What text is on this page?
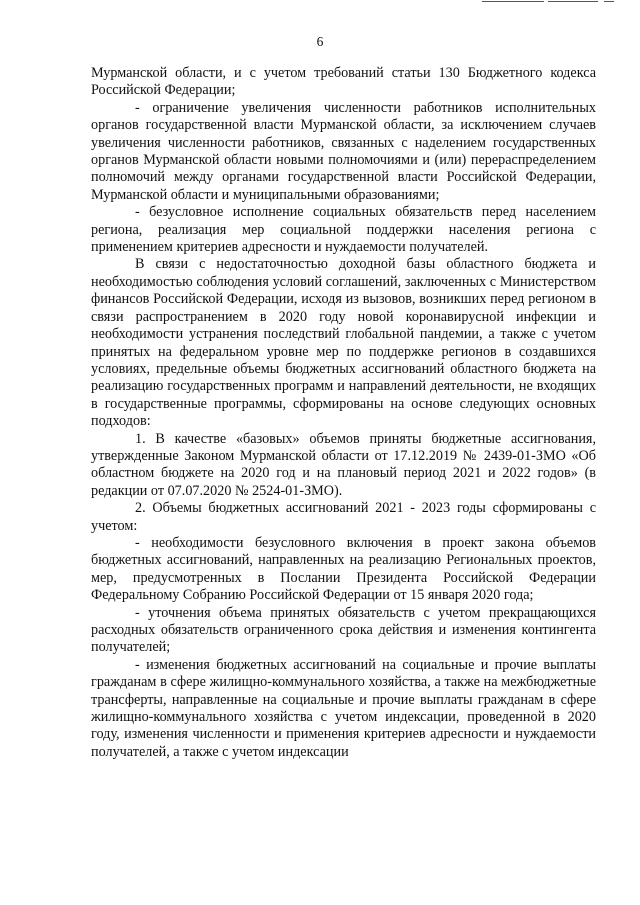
6

Мурманской области, и с учетом требований статьи 130 Бюджетного кодекса Российской Федерации;

- ограничение увеличения численности работников исполнительных органов государственной власти Мурманской области, за исключением случаев увеличения численности работников, связанных с наделением государственных органов Мурманской области новыми полномочиями и (или) перераспределением полномочий между органами государственной власти Российской Федерации, Мурманской области и муниципальными образованиями;

- безусловное исполнение социальных обязательств перед населением региона, реализация мер социальной поддержки населения региона с применением критериев адресности и нуждаемости получателей.

В связи с недостаточностью доходной базы областного бюджета и необходимостью соблюдения условий соглашений, заключенных с Министерством финансов Российской Федерации, исходя из вызовов, возникших перед регионом в связи распространением в 2020 году новой коронавирусной инфекции и необходимости устранения последствий глобальной пандемии, а также с учетом принятых на федеральном уровне мер по поддержке регионов в создавшихся условиях, предельные объемы бюджетных ассигнований областного бюджета на реализацию государственных программ и направлений деятельности, не входящих в государственные программы, сформированы на основе следующих основных подходов:

1. В качестве «базовых» объемов приняты бюджетные ассигнования, утвержденные Законом Мурманской области от 17.12.2019 № 2439-01-ЗМО «Об областном бюджете на 2020 год и на плановый период 2021 и 2022 годов» (в редакции от 07.07.2020 № 2524-01-ЗМО).

2. Объемы бюджетных ассигнований 2021 - 2023 годы сформированы с учетом:

- необходимости безусловного включения в проект закона объемов бюджетных ассигнований, направленных на реализацию Региональных проектов, мер, предусмотренных в Послании Президента Российской Федерации Федеральному Собранию Российской Федерации от 15 января 2020 года;

- уточнения объема принятых обязательств с учетом прекращающихся расходных обязательств ограниченного срока действия и изменения контингента получателей;

- изменения бюджетных ассигнований на социальные и прочие выплаты гражданам в сфере жилищно-коммунального хозяйства, а также на межбюджетные трансферты, направленные на социальные и прочие выплаты гражданам в сфере жилищно-коммунального хозяйства с учетом индексации, проведенной в 2020 году, изменения численности и применения критериев адресности и нуждаемости получателей, а также с учетом индексации
